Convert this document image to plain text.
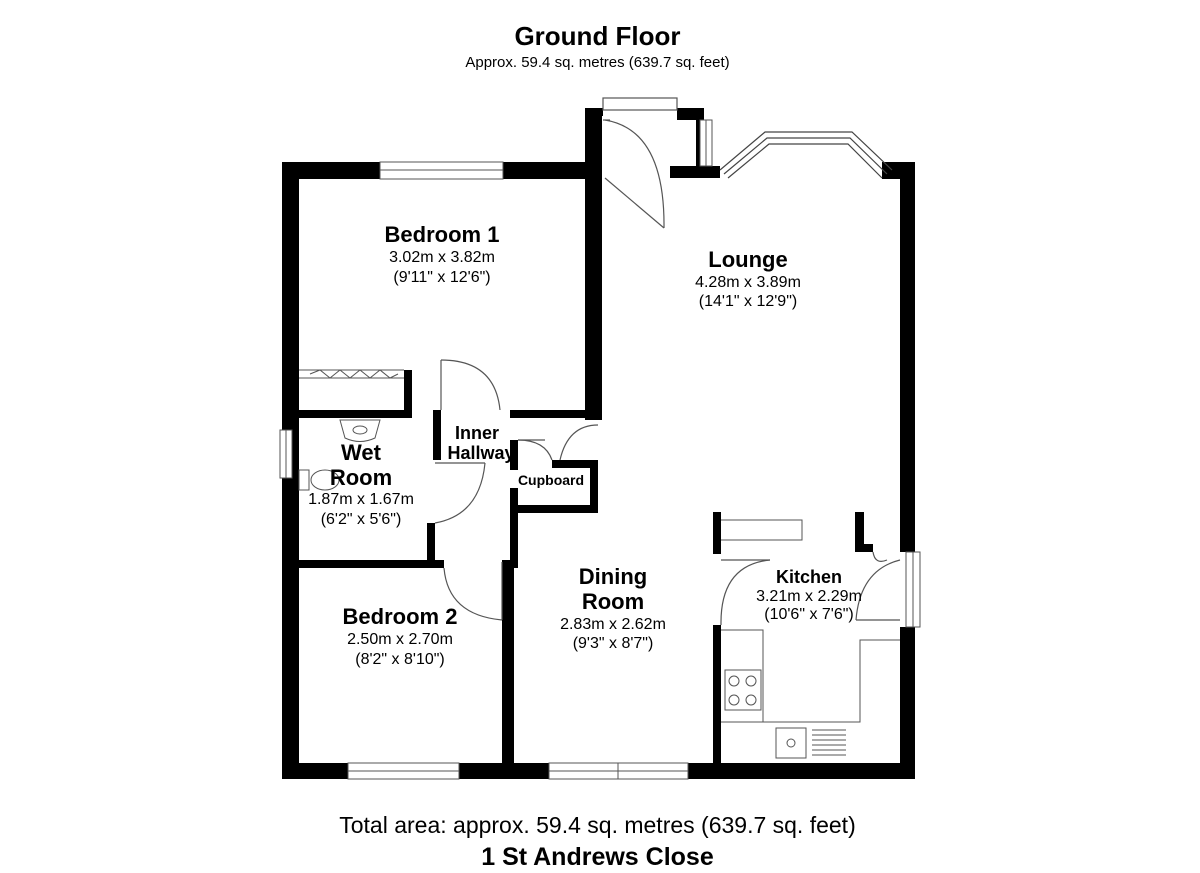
Ground Floor
Approx. 59.4 sq. metres (639.7 sq. feet)
Bedroom 1
3.02m x 3.82m
(9'11" x 12'6")
Lounge
4.28m x 3.89m
(14'1" x 12'9")
Inner
Hallway
Cupboard
Wet
Room
1.87m x 1.67m
(6'2" x 5'6")
Bedroom 2
2.50m x 2.70m
(8'2" x 8'10")
Dining
Room
2.83m x 2.62m
(9'3" x 8'7")
Kitchen
3.21m x 2.29m
(10'6" x 7'6")
Total area: approx. 59.4 sq. metres (639.7 sq. feet)
1 St Andrews Close
